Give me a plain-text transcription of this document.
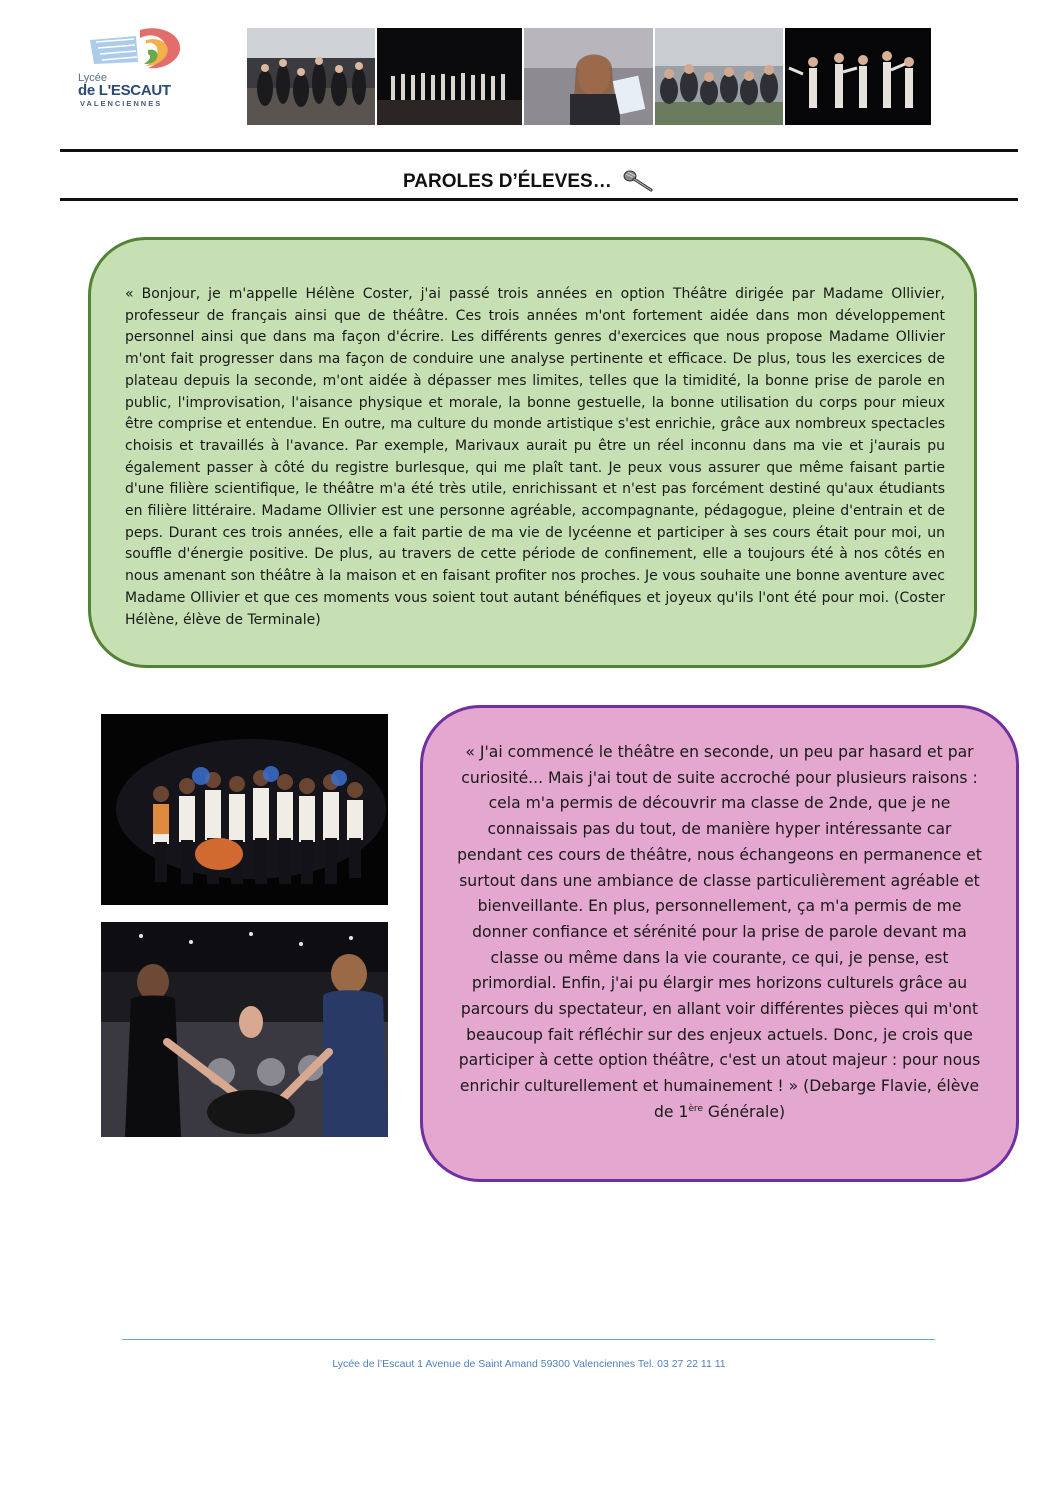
Lycée
de L'ESCAUT
VALENCIENNES
PAROLES D’ÉLEVES…

« Bonjour, je m'appelle Hélène Coster, j'ai passé trois années en option Théâtre dirigée par Madame Ollivier, professeur de français ainsi que de théâtre. Ces trois années m'ont fortement aidée dans mon développement personnel ainsi que dans ma façon d'écrire. Les différents genres d'exercices que nous propose Madame Ollivier m'ont fait progresser dans ma façon de conduire une analyse pertinente et efficace. De plus, tous les exercices de plateau depuis la seconde, m'ont aidée à dépasser mes limites, telles que la timidité, la bonne prise de parole en public, l'improvisation, l'aisance physique et morale, la bonne gestuelle, la bonne utilisation du corps pour mieux être comprise et entendue. En outre, ma culture du monde artistique s'est enrichie, grâce aux nombreux spectacles choisis et travaillés à l'avance. Par exemple, Marivaux aurait pu être un réel inconnu dans ma vie et j'aurais pu également passer à côté du registre burlesque, qui me plaît tant. Je peux vous assurer que même faisant partie d'une filière scientifique, le théâtre m'a été très utile, enrichissant et n'est pas forcément destiné qu'aux étudiants en filière littéraire. Madame Ollivier est une personne agréable, accompagnante, pédagogue, pleine d'entrain et de peps. Durant ces trois années, elle a fait partie de ma vie de lycéenne et participer à ses cours était pour moi, un souffle d'énergie positive. De plus, au travers de cette période de confinement, elle a toujours été à nos côtés en nous amenant son théâtre à la maison et en faisant profiter nos proches. Je vous souhaite une bonne aventure avec Madame Ollivier et que ces moments vous soient tout autant bénéfiques et joyeux qu'ils l'ont été pour moi. (Coster Hélène, élève de Terminale)

« J'ai commencé le théâtre en seconde, un peu par hasard et par curiosité... Mais j'ai tout de suite accroché pour plusieurs raisons : cela m'a permis de découvrir ma classe de 2nde, que je ne connaissais pas du tout, de manière hyper intéressante car pendant ces cours de théâtre, nous échangeons en permanence et surtout dans une ambiance de classe particulièrement agréable et bienveillante. En plus, personnellement, ça m'a permis de me donner confiance et sérénité pour la prise de parole devant ma classe ou même dans la vie courante, ce qui, je pense, est primordial. Enfin, j'ai pu élargir mes horizons culturels grâce au parcours du spectateur, en allant voir différentes pièces qui m'ont beaucoup fait réfléchir sur des enjeux actuels. Donc, je crois que participer à cette option théâtre, c'est un atout majeur : pour nous enrichir culturellement et humainement ! » (Debarge Flavie, élève de 1ère Générale)

Lycée de l’Escaut 1 Avenue de Saint Amand 59300 Valenciennes Tel. 03 27 22 11 11
